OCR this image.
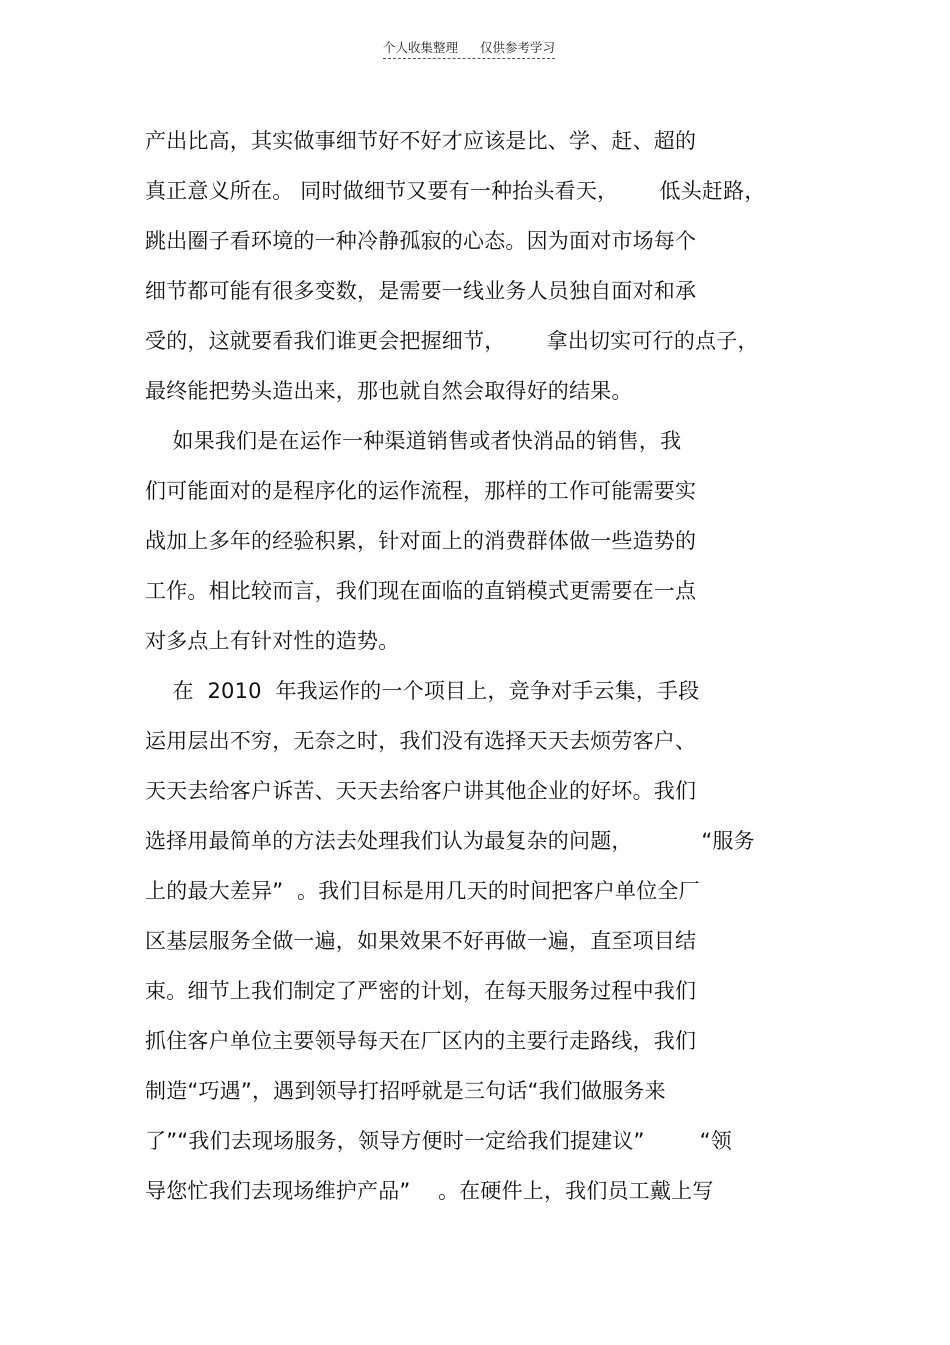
个人收集整理 仅供参考学习
产出比高，其实做事细节好不好才应该是比、学、赶、超的
真正意义所在。 同时做细节又要有一种抬头看天，      低头赶路，
跳出圈子看环境的一种冷静孤寂的心态。因为面对市场每个
细节都可能有很多变数，是需要一线业务人员独自面对和承
受的，这就要看我们谁更会把握细节，      拿出切实可行的点子，
最终能把势头造出来，那也就自然会取得好的结果。
如果我们是在运作一种渠道销售或者快消品的销售，我
们可能面对的是程序化的运作流程，那样的工作可能需要实
战加上多年的经验积累，针对面上的消费群体做一些造势的
工作。相比较而言，我们现在面临的直销模式更需要在一点
对多点上有针对性的造势。
在  2010  年我运作的一个项目上，竞争对手云集，手段
运用层出不穷，无奈之时，我们没有选择天天去烦劳客户、
天天去给客户诉苦、天天去给客户讲其他企业的好坏。我们
选择用最简单的方法去处理我们认为最复杂的问题，          “服务
上的最大差异”  。我们目标是用几天的时间把客户单位全厂
区基层服务全做一遍，如果效果不好再做一遍，直至项目结
束。细节上我们制定了严密的计划，在每天服务过程中我们
抓住客户单位主要领导每天在厂区内的主要行走路线，我们
制造“巧遇”，遇到领导打招呼就是三句话“我们做服务来
了”“我们去现场服务，领导方便时一定给我们提建议”        “领
导您忙我们去现场维护产品”    。在硬件上，我们员工戴上写
